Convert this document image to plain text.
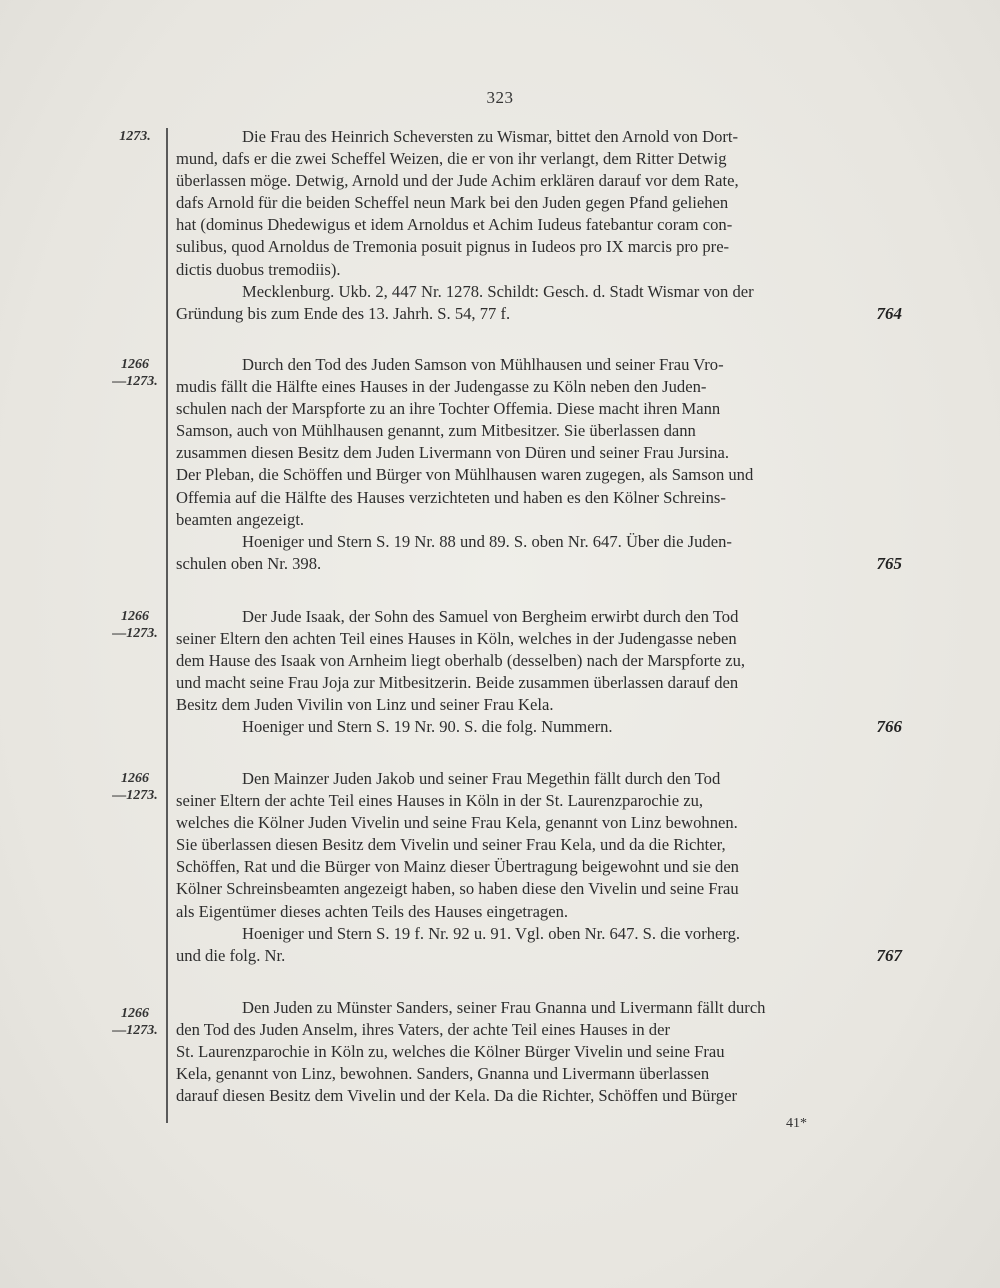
323
1273.	Die Frau des Heinrich Scheversten zu Wismar, bittet den Arnold von Dort-
mund, dafs er die zwei Scheffel Weizen, die er von ihr verlangt, dem Ritter Detwig
überlassen möge. Detwig, Arnold und der Jude Achim erklären darauf vor dem Rate,
dafs Arnold für die beiden Scheffel neun Mark bei den Juden gegen Pfand geliehen
hat (dominus Dhedewigus et idem Arnoldus et Achim Iudeus fatebantur coram con-
sulibus, quod Arnoldus de Tremonia posuit pignus in Iudeos pro IX marcis pro pre-
dictis duobus tremodiis).
Mecklenburg. Ukb. 2, 447 Nr. 1278. Schildt: Gesch. d. Stadt Wismar von der
Gründung bis zum Ende des 13. Jahrh. S. 54, 77 f.	764
1266
—1273.
Durch den Tod des Juden Samson von Mühlhausen und seiner Frau Vro-
mudis fällt die Hälfte eines Hauses in der Judengasse zu Köln neben den Juden-
schulen nach der Marspforte zu an ihre Tochter Offemia. Diese macht ihren Mann
Samson, auch von Mühlhausen genannt, zum Mitbesitzer. Sie überlassen dann
zusammen diesen Besitz dem Juden Livermann von Düren und seiner Frau Jursina.
Der Pleban, die Schöffen und Bürger von Mühlhausen waren zugegen, als Samson und
Offemia auf die Hälfte des Hauses verzichteten und haben es den Kölner Schreins-
beamten angezeigt.
Hoeniger und Stern S. 19 Nr. 88 und 89. S. oben Nr. 647. Über die Juden-
schulen oben Nr. 398.	765
1266
—1273.
Der Jude Isaak, der Sohn des Samuel von Bergheim erwirbt durch den Tod
seiner Eltern den achten Teil eines Hauses in Köln, welches in der Judengasse neben
dem Hause des Isaak von Arnheim liegt oberhalb (desselben) nach der Marspforte zu,
und macht seine Frau Joja zur Mitbesitzerin. Beide zusammen überlassen darauf den
Besitz dem Juden Vivilin von Linz und seiner Frau Kela.
Hoeniger und Stern S. 19 Nr. 90. S. die folg. Nummern.	766
1266
—1273.
Den Mainzer Juden Jakob und seiner Frau Megethin fällt durch den Tod
seiner Eltern der achte Teil eines Hauses in Köln in der St. Laurenzparochie zu,
welches die Kölner Juden Vivelin und seine Frau Kela, genannt von Linz bewohnen.
Sie überlassen diesen Besitz dem Vivelin und seiner Frau Kela, und da die Richter,
Schöffen, Rat und die Bürger von Mainz dieser Übertragung beigewohnt und sie den
Kölner Schreinsbeamten angezeigt haben, so haben diese den Vivelin und seine Frau
als Eigentümer dieses achten Teils des Hauses eingetragen.
Hoeniger und Stern S. 19 f. Nr. 92 u. 91. Vgl. oben Nr. 647. S. die vorherg.
und die folg. Nr.	767
1266
—1273.
Den Juden zu Münster Sanders, seiner Frau Gnanna und Livermann fällt durch
den Tod des Juden Anselm, ihres Vaters, der achte Teil eines Hauses in der
St. Laurenzparochie in Köln zu, welches die Kölner Bürger Vivelin und seine Frau
Kela, genannt von Linz, bewohnen. Sanders, Gnanna und Livermann überlassen
darauf diesen Besitz dem Vivelin und der Kela. Da die Richter, Schöffen und Bürger
41*
